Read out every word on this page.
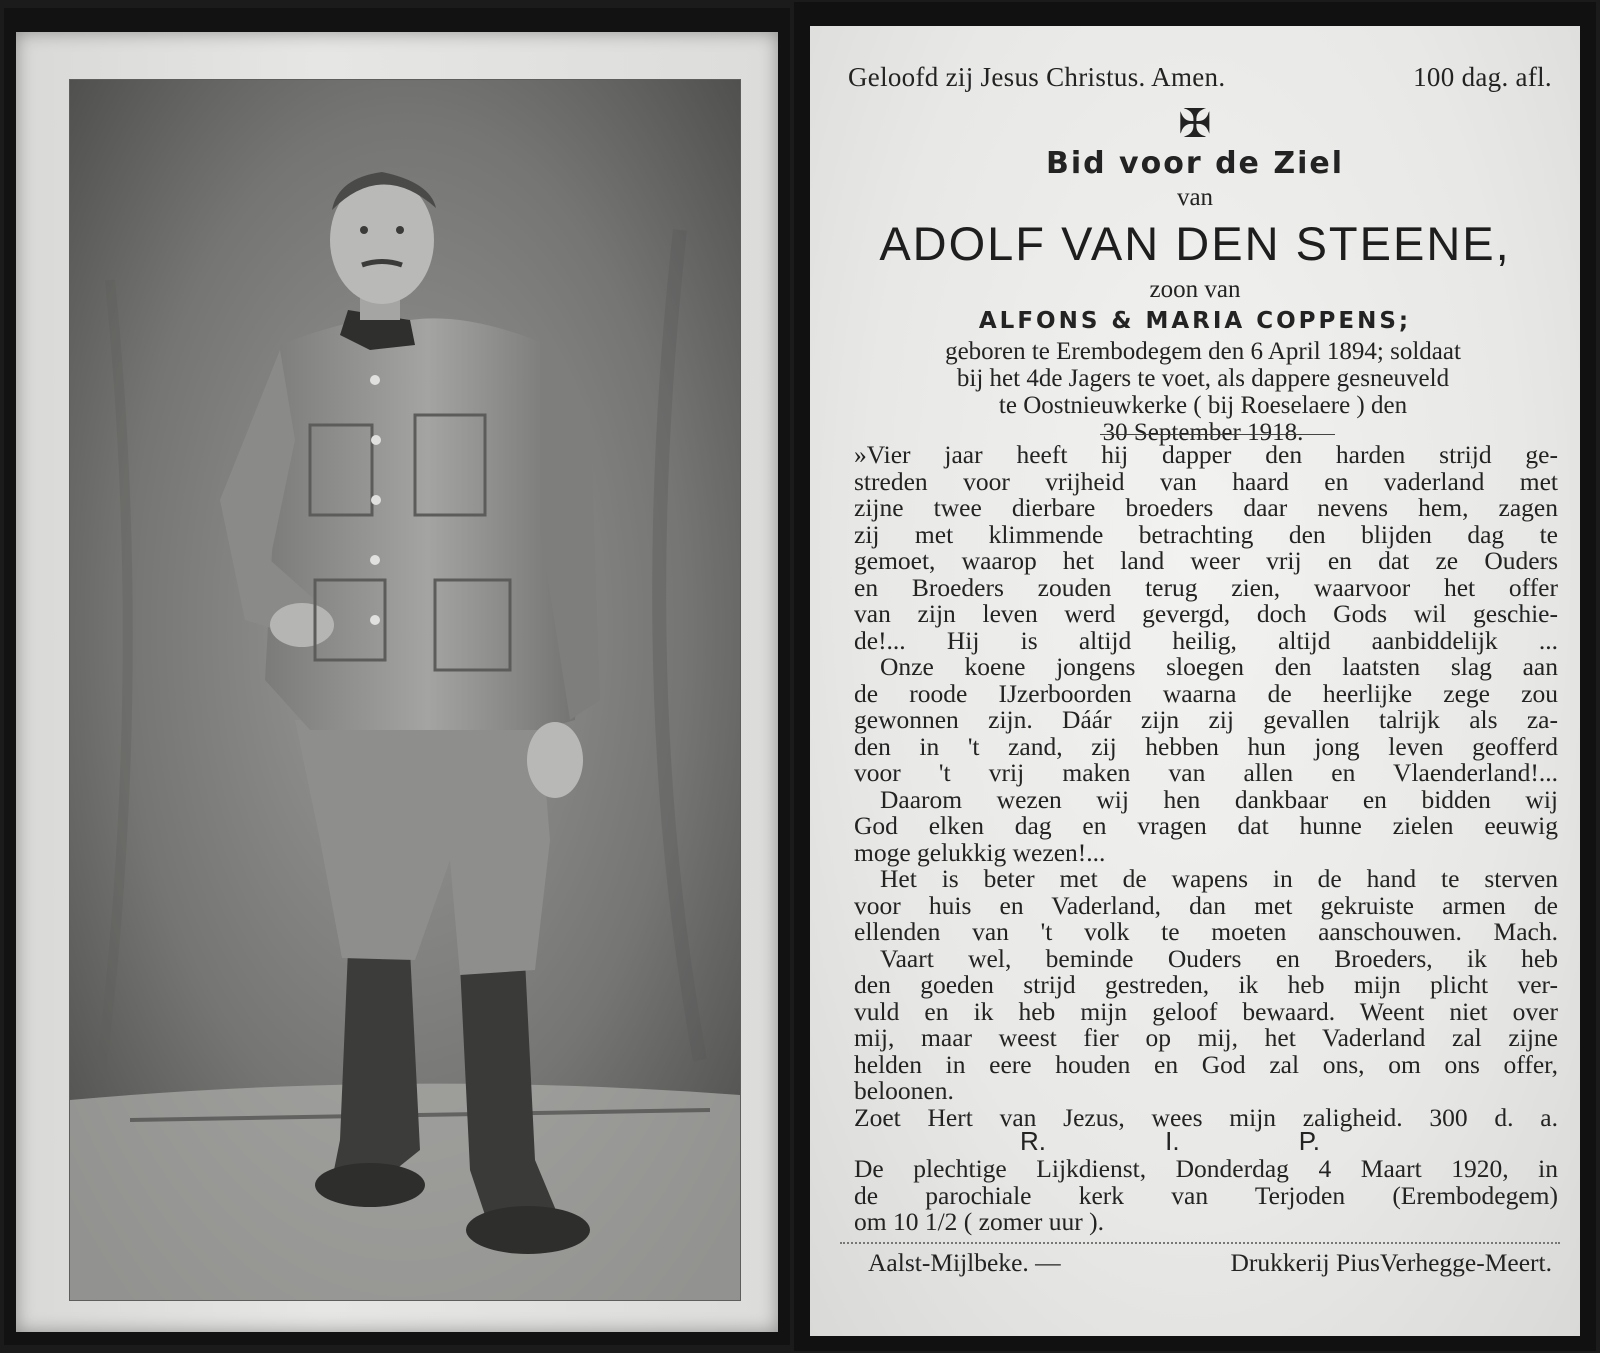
Geloofd zij Jesus Christus. Amen.	100 dag. afl.
✠
Bid voor de Ziel
van
ADOLF VAN DEN STEENE,
zoon van
ALFONS & MARIA COPPENS;
geboren te Erembodegem den 6 April 1894; soldaat
bij het 4de Jagers te voet, als dappere gesneuveld
te Oostnieuwkerke ( bij Roeselaere ) den
30 September 1918.
»Vier jaar heeft hij dapper den harden strijd ge-
streden voor vrijheid van haard en vaderland met
zijne twee dierbare broeders daar nevens hem, zagen
zij met klimmende betrachting den blijden dag te
gemoet, waarop het land weer vrij en dat ze Ouders
en Broeders zouden terug zien, waarvoor het offer
van zijn leven werd gevergd, doch Gods wil geschie-
de!... Hij is altijd heilig, altijd aanbiddelijk ...
Onze koene jongens sloegen den laatsten slag aan
de roode IJzerboorden waarna de heerlijke zege zou
gewonnen zijn. Dáár zijn zij gevallen talrijk als za-
den in 't zand, zij hebben hun jong leven geofferd
voor 't vrij maken van allen en Vlaenderland!...
Daarom wezen wij hen dankbaar en bidden wij
God elken dag en vragen dat hunne zielen eeuwig
moge gelukkig wezen!...
Het is beter met de wapens in de hand te sterven
voor huis en Vaderland, dan met gekruiste armen de
ellenden van 't volk te moeten aanschouwen. Mach.
Vaart wel, beminde Ouders en Broeders, ik heb
den goeden strijd gestreden, ik heb mijn plicht ver-
vuld en ik heb mijn geloof bewaard. Weent niet over
mij, maar weest fier op mij, het Vaderland zal zijne
helden in eere houden en God zal ons, om ons offer,
beloonen.
Zoet Hert van Jezus, wees mijn zaligheid. 300 d. a.
R.	I.	P.
De plechtige Lijkdienst, Donderdag 4 Maart 1920, in
de parochiale kerk van Terjoden (Erembodegem)
om 10 1/2 ( zomer uur ).
Aalst-Mijlbeke. —	Drukkerij PiusVerhegge-Meert.
